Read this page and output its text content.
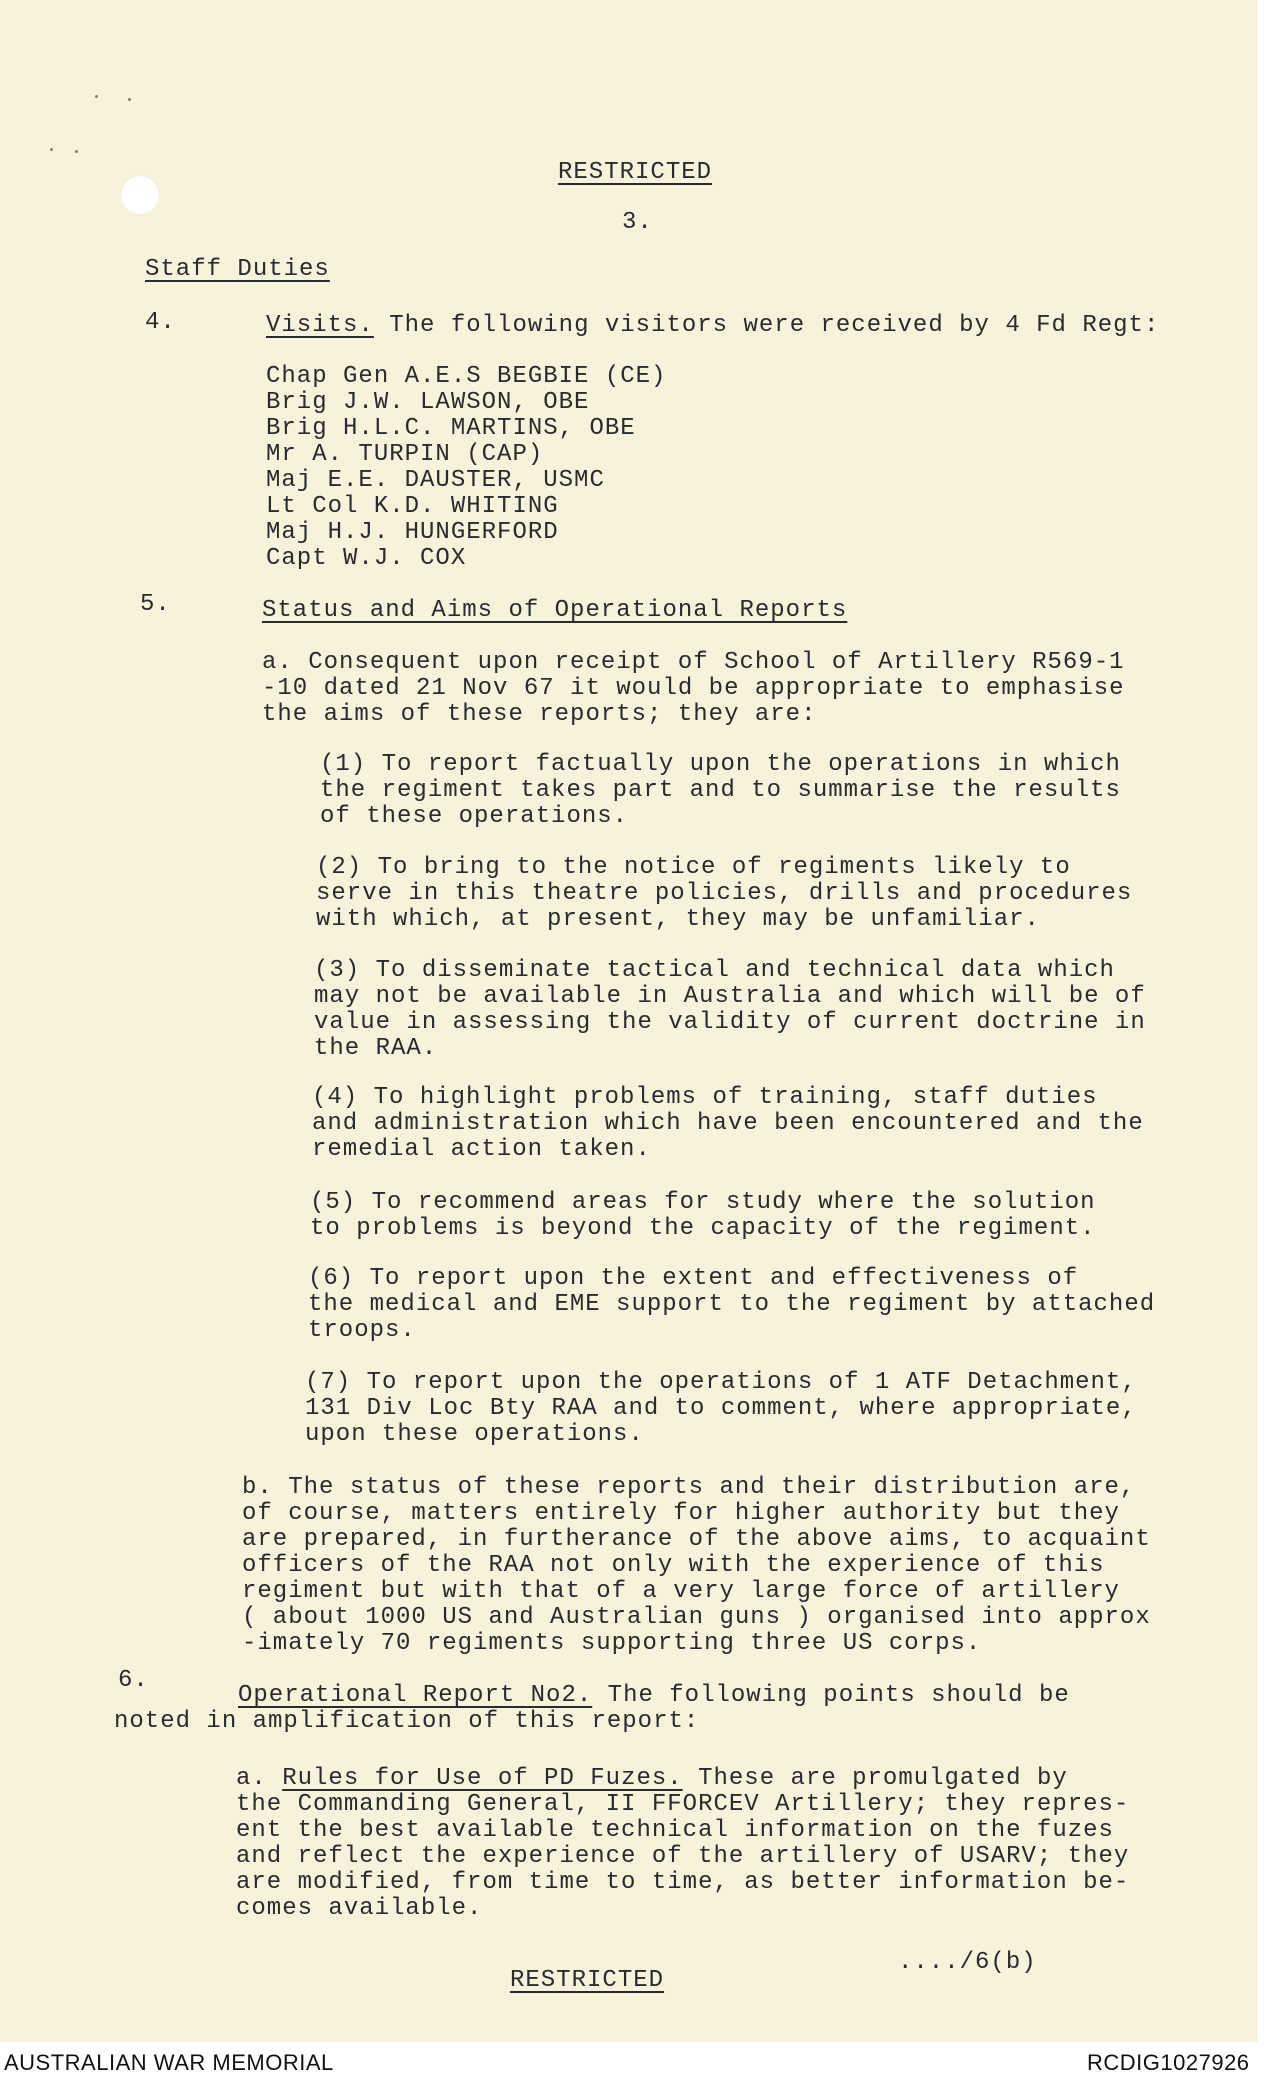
RESTRICTED
3.
Staff Duties
4.	Visits. The following visitors were received by 4 Fd Regt:
Chap Gen A.E.S BEGBIE (CE)
Brig J.W. LAWSON, OBE
Brig H.L.C. MARTINS, OBE
Mr A. TURPIN (CAP)
Maj E.E. DAUSTER, USMC
Lt Col K.D. WHITING
Maj H.J. HUNGERFORD
Capt W.J. COX
5.	Status and Aims of Operational Reports
a. Consequent upon receipt of School of Artillery R569-1
-10 dated 21 Nov 67 it would be appropriate to emphasise
the aims of these reports; they are:
(1) To report factually upon the operations in which
the regiment takes part and to summarise the results
of these operations.
(2) To bring to the notice of regiments likely to
serve in this theatre policies, drills and procedures
with which, at present, they may be unfamiliar.
(3) To disseminate tactical and technical data which
may not be available in Australia and which will be of
value in assessing the validity of current doctrine in
the RAA.
(4) To highlight problems of training, staff duties
and administration which have been encountered and the
remedial action taken.
(5) To recommend areas for study where the solution
to problems is beyond the capacity of the regiment.
(6) To report upon the extent and effectiveness of
the medical and EME support to the regiment by attached
troops.
(7) To report upon the operations of 1 ATF Detachment,
131 Div Loc Bty RAA and to comment, where appropriate,
upon these operations.
b. The status of these reports and their distribution are,
of course, matters entirely for higher authority but they
are prepared, in furtherance of the above aims, to acquaint
officers of the RAA not only with the experience of this
regiment but with that of a very large force of artillery
( about 1000 US and Australian guns ) organised into approx
-imately 70 regiments supporting three US corps.
6.
Operational Report No2. The following points should be
noted in amplification of this report:
a. Rules for Use of PD Fuzes. These are promulgated by
the Commanding General, II FFORCEV Artillery; they repres-
ent the best available technical information on the fuzes
and reflect the experience of the artillery of USARV; they
are modified, from time to time, as better information be-
comes available.
..../6(b)
RESTRICTED
AUSTRALIAN WAR MEMORIAL	RCDIG1027926
